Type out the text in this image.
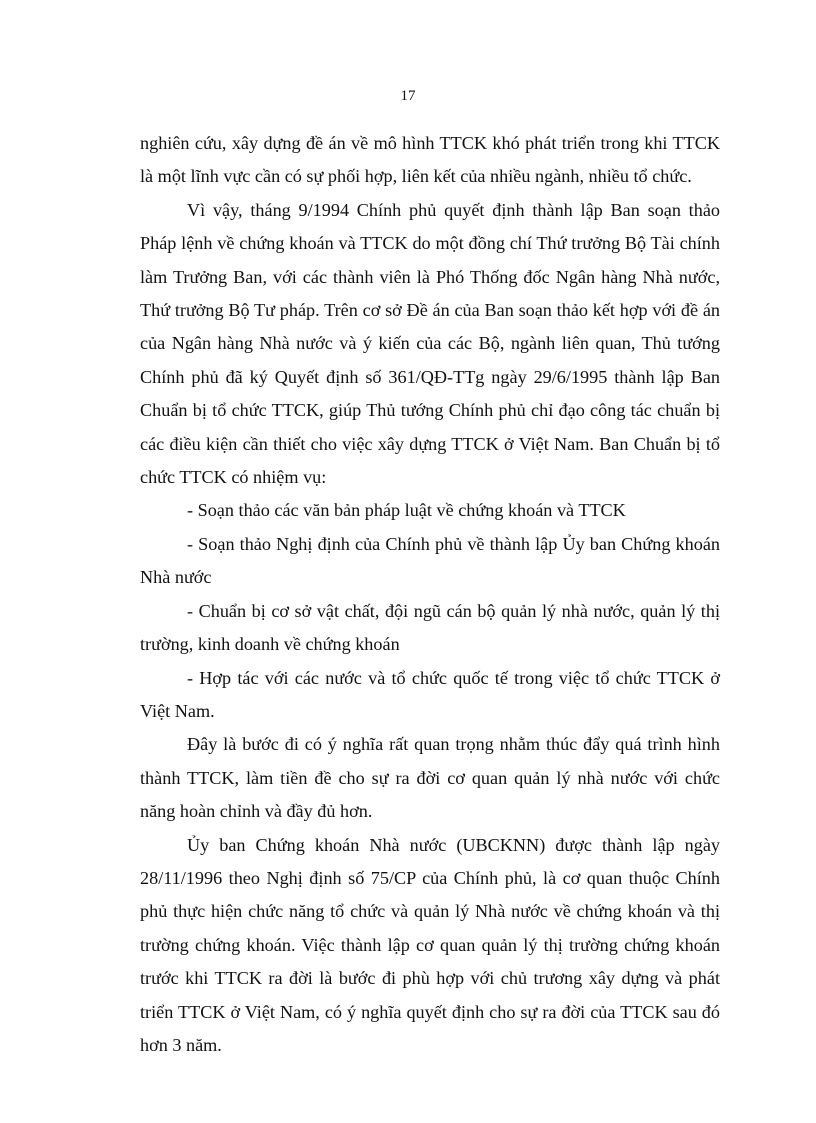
17

nghiên cứu, xây dựng đề án về mô hình TTCK khó phát triển trong khi TTCK là một lĩnh vực cần có sự phối hợp, liên kết của nhiều ngành, nhiều tổ chức.

Vì vậy, tháng 9/1994 Chính phủ quyết định thành lập Ban soạn thảo Pháp lệnh về chứng khoán và TTCK do một đồng chí Thứ trưởng Bộ Tài chính làm Trưởng Ban, với các thành viên là Phó Thống đốc Ngân hàng Nhà nước, Thứ trưởng Bộ Tư pháp. Trên cơ sở Đề án của Ban soạn thảo kết hợp với đề án của Ngân hàng Nhà nước và ý kiến của các Bộ, ngành liên quan, Thủ tướng Chính phủ đã ký Quyết định số 361/QĐ-TTg ngày 29/6/1995 thành lập Ban Chuẩn bị tổ chức TTCK, giúp Thủ tướng Chính phủ chỉ đạo công tác chuẩn bị các điều kiện cần thiết cho việc xây dựng TTCK ở Việt Nam. Ban Chuẩn bị tổ chức TTCK có nhiệm vụ:

- Soạn thảo các văn bản pháp luật về chứng khoán và TTCK

- Soạn thảo Nghị định của Chính phủ về thành lập Ủy ban Chứng khoán Nhà nước

- Chuẩn bị cơ sở vật chất, đội ngũ cán bộ quản lý nhà nước, quản lý thị trường, kinh doanh về chứng khoán

- Hợp tác với các nước và tổ chức quốc tế trong việc tổ chức TTCK ở Việt Nam.

Đây là bước đi có ý nghĩa rất quan trọng nhằm thúc đẩy quá trình hình thành TTCK, làm tiền đề cho sự ra đời cơ quan quản lý nhà nước với chức năng hoàn chỉnh và đầy đủ hơn.

Ủy ban Chứng khoán Nhà nước (UBCKNN) được thành lập ngày 28/11/1996 theo Nghị định số 75/CP của Chính phủ, là cơ quan thuộc Chính phủ thực hiện chức năng tổ chức và quản lý Nhà nước về chứng khoán và thị trường chứng khoán. Việc thành lập cơ quan quản lý thị trường chứng khoán trước khi TTCK ra đời là bước đi phù hợp với chủ trương xây dựng và phát triển TTCK ở Việt Nam, có ý nghĩa quyết định cho sự ra đời của TTCK sau đó hơn 3 năm.
